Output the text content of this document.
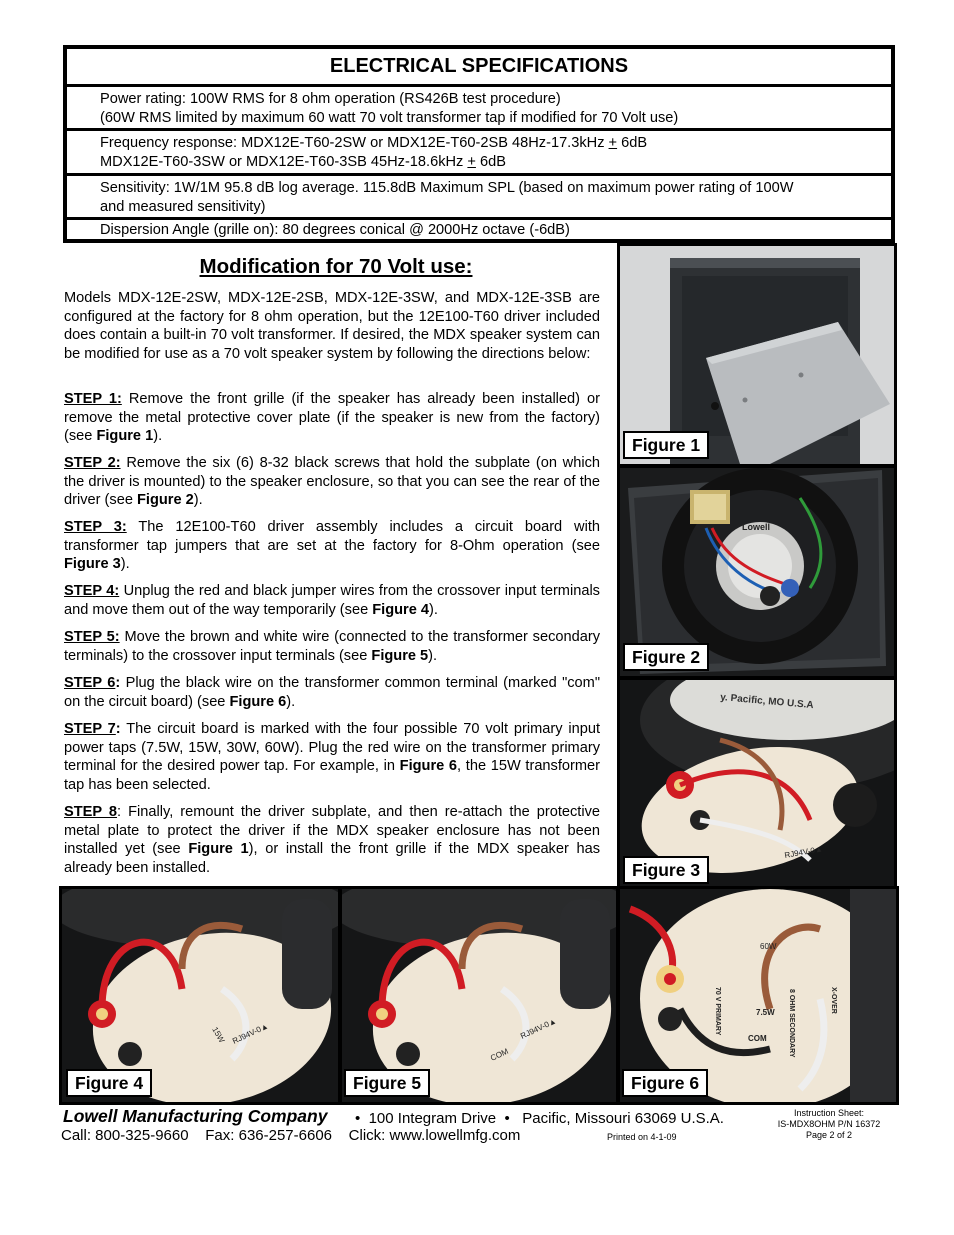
ELECTRICAL SPECIFICATIONS
Power rating: 100W RMS for 8 ohm operation (RS426B test procedure)
(60W RMS limited by maximum 60 watt 70 volt transformer tap if modified for 70 Volt use)
Frequency response: MDX12E-T60-2SW or MDX12E-T60-2SB 48Hz-17.3kHz + 6dB
MDX12E-T60-3SW or MDX12E-T60-3SB 45Hz-18.6kHz + 6dB
Sensitivity: 1W/1M 95.8 dB log average. 115.8dB Maximum SPL (based on maximum power rating of 100W
and measured sensitivity)
Dispersion Angle (grille on): 80 degrees conical @ 2000Hz octave (-6dB)
Modification for 70 Volt use:
Models MDX-12E-2SW, MDX-12E-2SB, MDX-12E-3SW, and MDX-12E-3SB are configured at the factory for 8 ohm operation, but the 12E100-T60 driver included does contain a built-in 70 volt transformer. If desired, the MDX speaker system can be modified for use as a 70 volt speaker system by following the directions below:
STEP 1: Remove the front grille (if the speaker has already been installed) or remove the metal protective cover plate (if the speaker is new from the factory) (see Figure 1).
STEP 2: Remove the six (6) 8-32 black screws that hold the subplate (on which the driver is mounted) to the speaker enclosure, so that you can see the rear of the driver (see Figure 2).
STEP 3: The 12E100-T60 driver assembly includes a circuit board with transformer tap jumpers that are set at the factory for 8-Ohm operation (see Figure 3).
STEP 4: Unplug the red and black jumper wires from the crossover input terminals and move them out of the way temporarily (see Figure 4).
STEP 5: Move the brown and white wire (connected to the transformer secondary terminals) to the crossover input terminals (see Figure 5).
STEP 6: Plug the black wire on the transformer common terminal (marked "com" on the circuit board) (see Figure 6).
STEP 7: The circuit board is marked with the four possible 70 volt primary input power taps (7.5W, 15W, 30W, 60W). Plug the red wire on the transformer primary terminal for the desired power tap. For example, in Figure 6, the 15W transformer tap has been selected.
STEP 8: Finally, remount the driver subplate, and then re-attach the protective metal plate to protect the driver if the MDX speaker enclosure has not been installed yet (see Figure 1), or install the front grille if the MDX speaker has already been installed.
Figure 1
Lowell
Figure 2
y. Pacific, MO U.S.A
RJ94V-0▲
Figure 3
15W RJ94V-0▲
Figure 4
COM
RJ94V-0▲
Figure 5
60W
7.5W
COM
70 V PRIMARY	8 OHM SECONDARY	X-OVER
Figure 6
Lowell Manufacturing Company •  100 Integram Drive  •   Pacific, Missouri 63069 U.S.A.
Call: 800-325-9660    Fax: 636-257-6606    Click: www.lowellmfg.com	Printed on 4-1-09
Instruction Sheet:
IS-MDX8OHM P/N 16372
Page 2 of 2
